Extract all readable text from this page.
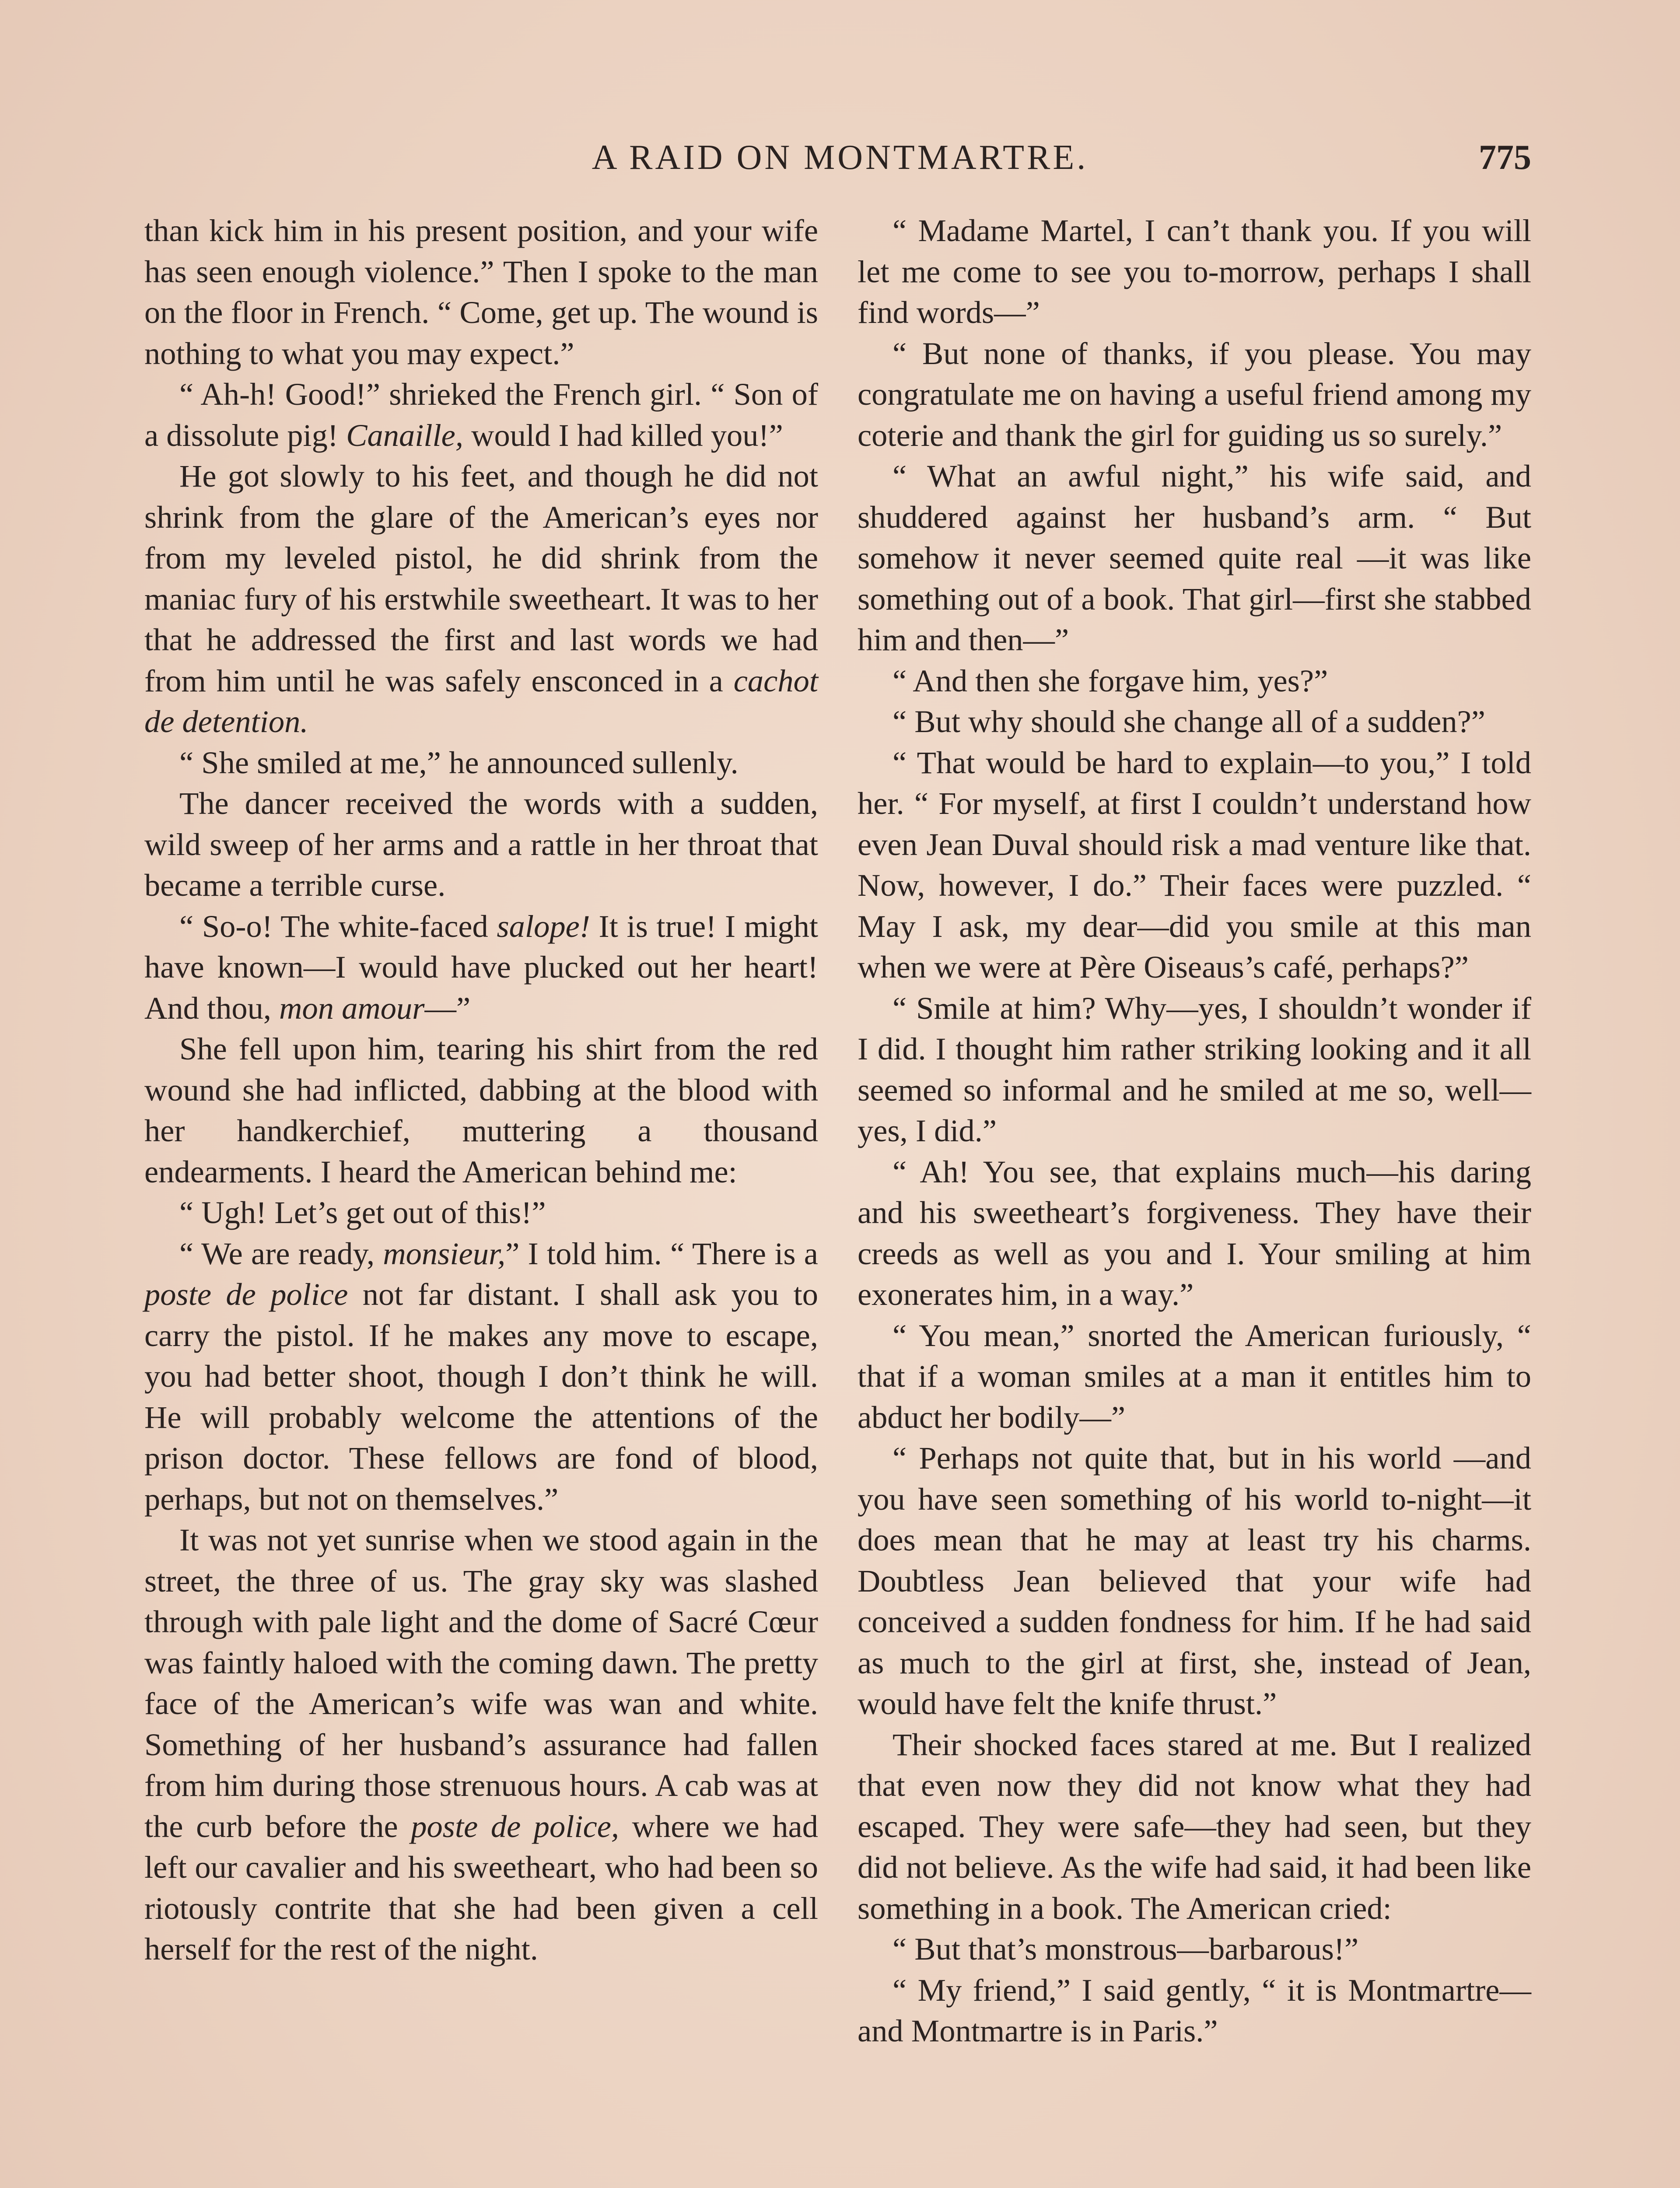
A RAID ON MONTMARTRE.	775

than kick him in his present position, and your wife has seen enough violence.” Then I spoke to the man on the floor in French. “ Come, get up. The wound is nothing to what you may expect.”

“ Ah-h! Good!” shrieked the French girl. “ Son of a dissolute pig! Canaille, would I had killed you!”

He got slowly to his feet, and though he did not shrink from the glare of the American’s eyes nor from my leveled pistol, he did shrink from the maniac fury of his erstwhile sweetheart. It was to her that he addressed the first and last words we had from him until he was safely ensconced in a cachot de detention.

“ She smiled at me,” he announced sullenly.

The dancer received the words with a sudden, wild sweep of her arms and a rattle in her throat that became a terrible curse.

“ So-o! The white-faced salope! It is true! I might have known—I would have plucked out her heart! And thou, mon amour—”

She fell upon him, tearing his shirt from the red wound she had inflicted, dabbing at the blood with her handkerchief, muttering a thousand endearments. I heard the American behind me:

“ Ugh! Let’s get out of this!”

“ We are ready, monsieur,” I told him. “ There is a poste de police not far distant. I shall ask you to carry the pistol. If he makes any move to escape, you had better shoot, though I don’t think he will. He will probably welcome the attentions of the prison doctor. These fellows are fond of blood, perhaps, but not on themselves.”

It was not yet sunrise when we stood again in the street, the three of us. The gray sky was slashed through with pale light and the dome of Sacré Cœur was faintly haloed with the coming dawn. The pretty face of the American’s wife was wan and white. Something of her husband’s assurance had fallen from him during those strenuous hours. A cab was at the curb before the poste de police, where we had left our cavalier and his sweetheart, who had been so riotously contrite that she had been given a cell herself for the rest of the night.

“ Madame Martel, I can’t thank you. If you will let me come to see you to-morrow, perhaps I shall find words—”

“ But none of thanks, if you please. You may congratulate me on having a useful friend among my coterie and thank the girl for guiding us so surely.”

“ What an awful night,” his wife said, and shuddered against her husband’s arm. “ But somehow it never seemed quite real —it was like something out of a book. That girl—first she stabbed him and then—”

“ And then she forgave him, yes?”

“ But why should she change all of a sudden?”

“ That would be hard to explain—to you,” I told her. “ For myself, at first I couldn’t understand how even Jean Duval should risk a mad venture like that. Now, however, I do.” Their faces were puzzled. “ May I ask, my dear—did you smile at this man when we were at Père Oiseaus’s café, perhaps?”

“ Smile at him? Why—yes, I shouldn’t wonder if I did. I thought him rather striking looking and it all seemed so informal and he smiled at me so, well—yes, I did.”

“ Ah! You see, that explains much—his daring and his sweetheart’s forgiveness. They have their creeds as well as you and I. Your smiling at him exonerates him, in a way.”

“ You mean,” snorted the American furiously, “ that if a woman smiles at a man it entitles him to abduct her bodily—”

“ Perhaps not quite that, but in his world —and you have seen something of his world to-night—it does mean that he may at least try his charms. Doubtless Jean believed that your wife had conceived a sudden fondness for him. If he had said as much to the girl at first, she, instead of Jean, would have felt the knife thrust.”

Their shocked faces stared at me. But I realized that even now they did not know what they had escaped. They were safe—they had seen, but they did not believe. As the wife had said, it had been like something in a book. The American cried:

“ But that’s monstrous—barbarous!”

“ My friend,” I said gently, “ it is Montmartre—and Montmartre is in Paris.”
